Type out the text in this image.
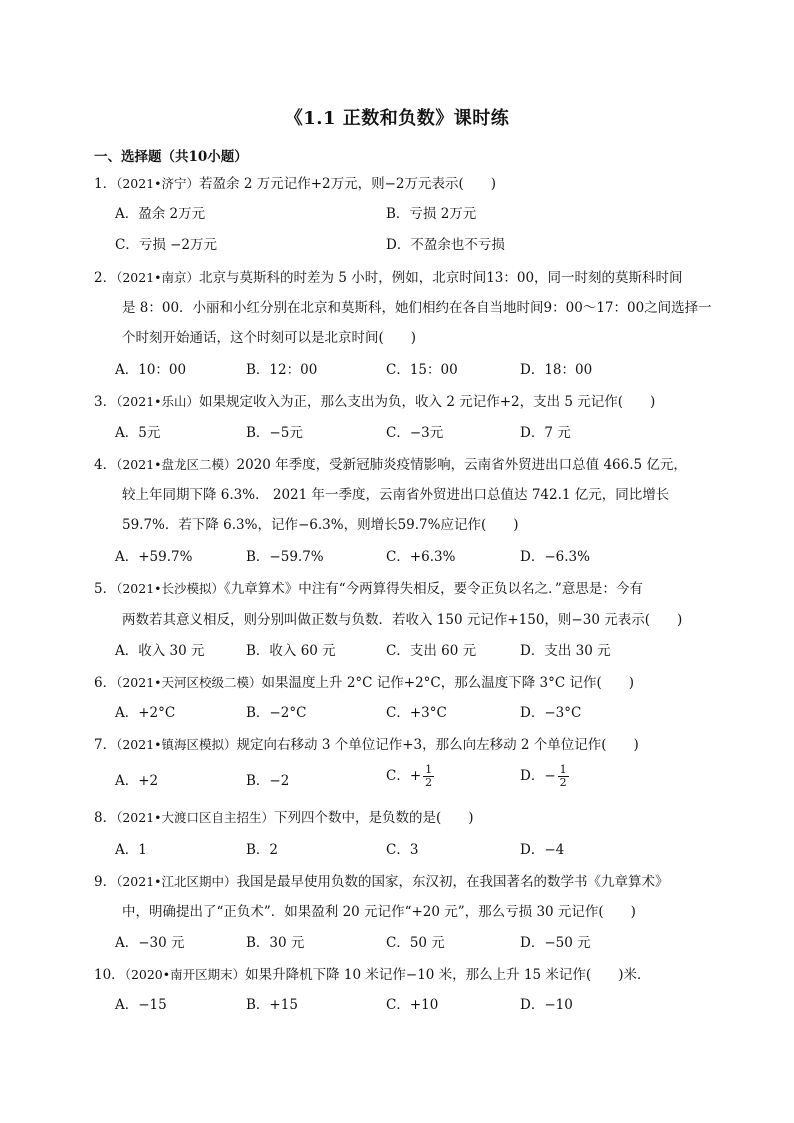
《1.1 正数和负数》课时练
一、选择题（共10小题）
1．（2021•济宁）若盈余 2 万元记作+2万元，则−2万元表示(　　)
A．盈余 2万元	B．亏损 2万元
C．亏损 −2万元	D．不盈余也不亏损
2．（2021•南京）北京与莫斯科的时差为 5 小时，例如，北京时间13：00，同一时刻的莫斯科时间
是 8：00．小丽和小红分别在北京和莫斯科，她们相约在各自当地时间9：00～17：00之间选择一
个时刻开始通话，这个时刻可以是北京时间(　　)
A．10：00	B．12：00	C．15：00	D．18：00
3．（2021•乐山）如果规定收入为正，那么支出为负，收入 2 元记作+2，支出 5 元记作(　　)
A．5元	B．−5元	C．−3元	D．7 元
4．（2021•盘龙区二模）2020 年季度，受新冠肺炎疫情影响，云南省外贸进出口总值 466.5 亿元，
较上年同期下降 6.3%． 2021 年一季度，云南省外贸进出口总值达 742.1 亿元，同比增长
59.7%．若下降 6.3%，记作−6.3%，则增长59.7%应记作(　　)
A．+59.7%	B．−59.7%	C．+6.3%	D．−6.3%
5．（2021•长沙模拟）《九章算术》中注有“今两算得失相反，要令正负以名之．”意思是：今有
两数若其意义相反，则分别叫做正数与负数．若收入 150 元记作+150，则−30 元表示(　　)
A．收入 30 元	B．收入 60 元	C．支出 60 元	D．支出 30 元
6．（2021•天河区校级二模）如果温度上升 2°C 记作+2°C，那么温度下降 3°C 记作(　　)
A．+2°C	B．−2°C	C．+3°C	D．−3°C
7．（2021•镇海区模拟）规定向右移动 3 个单位记作+3，那么向左移动 2 个单位记作(　　)
A．+2	B．−2	C．+ $\frac{1}{2}$	D．− $\frac{1}{2}$
8．（2021•大渡口区自主招生）下列四个数中，是负数的是(　　)
A．1	B．2	C．3	D．−4
9．（2021•江北区期中）我国是最早使用负数的国家，东汉初，在我国著名的数学书《九章算术》
中，明确提出了“正负术”．如果盈利 20 元记作“+20 元”，那么亏损 30 元记作(　　)
A．−30 元	B．30 元	C．50 元	D．−50 元
10．（2020•南开区期末）如果升降机下降 10 米记作−10 米，那么上升 15 米记作(　　)米．
A．−15	B．+15	C．+10	D．−10
